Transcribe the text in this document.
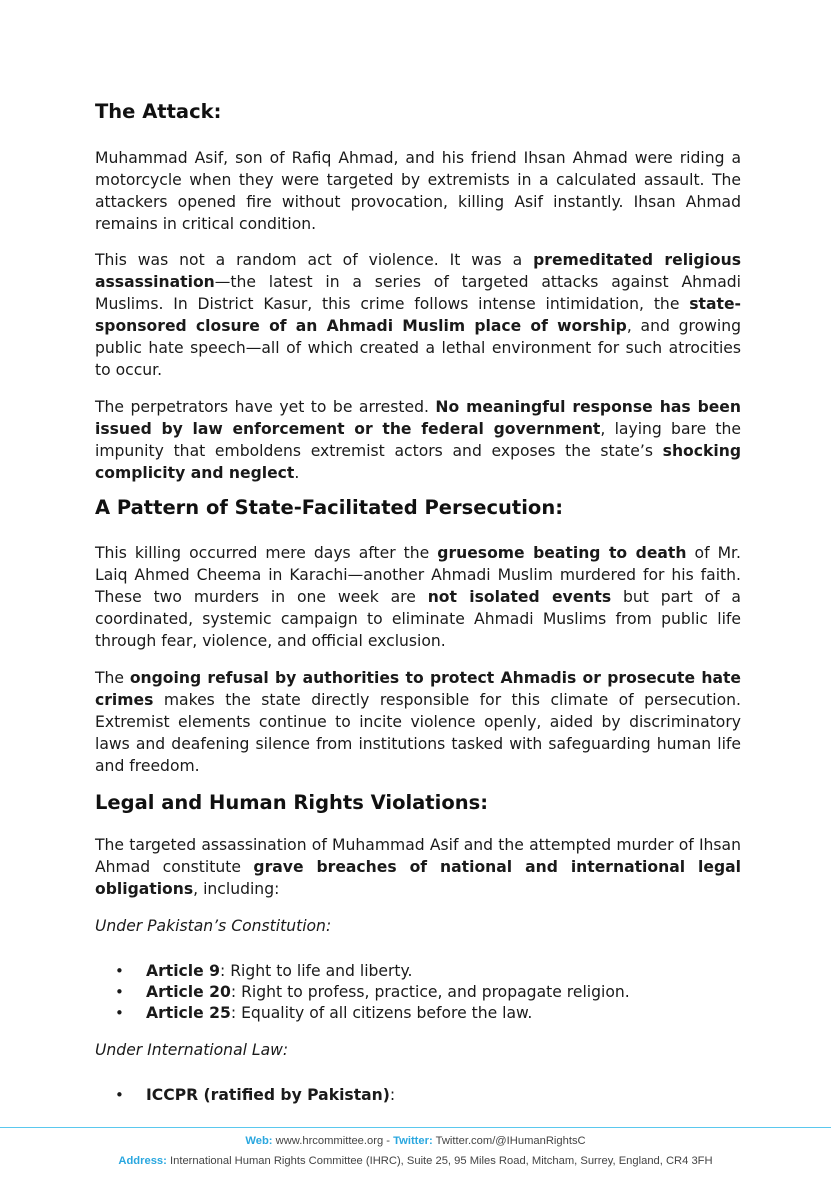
The Attack:

Muhammad Asif, son of Rafiq Ahmad, and his friend Ihsan Ahmad were riding a motorcycle when they were targeted by extremists in a calculated assault. The attackers opened fire without provocation, killing Asif instantly. Ihsan Ahmad remains in critical condition.

This was not a random act of violence. It was a premeditated religious assassination—the latest in a series of targeted attacks against Ahmadi Muslims. In District Kasur, this crime follows intense intimidation, the state-sponsored closure of an Ahmadi Muslim place of worship, and growing public hate speech—all of which created a lethal environment for such atrocities to occur.

The perpetrators have yet to be arrested. No meaningful response has been issued by law enforcement or the federal government, laying bare the impunity that emboldens extremist actors and exposes the state’s shocking complicity and neglect.

A Pattern of State-Facilitated Persecution:

This killing occurred mere days after the gruesome beating to death of Mr. Laiq Ahmed Cheema in Karachi—another Ahmadi Muslim murdered for his faith. These two murders in one week are not isolated events but part of a coordinated, systemic campaign to eliminate Ahmadi Muslims from public life through fear, violence, and official exclusion.

The ongoing refusal by authorities to protect Ahmadis or prosecute hate crimes makes the state directly responsible for this climate of persecution. Extremist elements continue to incite violence openly, aided by discriminatory laws and deafening silence from institutions tasked with safeguarding human life and freedom.

Legal and Human Rights Violations:

The targeted assassination of Muhammad Asif and the attempted murder of Ihsan Ahmad constitute grave breaches of national and international legal obligations, including:

Under Pakistan’s Constitution:

• Article 9: Right to life and liberty.
• Article 20: Right to profess, practice, and propagate religion.
• Article 25: Equality of all citizens before the law.

Under International Law:

• ICCPR (ratified by Pakistan):
Web: www.hrcommittee.org - Twitter: Twitter.com/@IHumanRightsC
Address: International Human Rights Committee (IHRC), Suite 25, 95 Miles Road, Mitcham, Surrey, England, CR4 3FH
